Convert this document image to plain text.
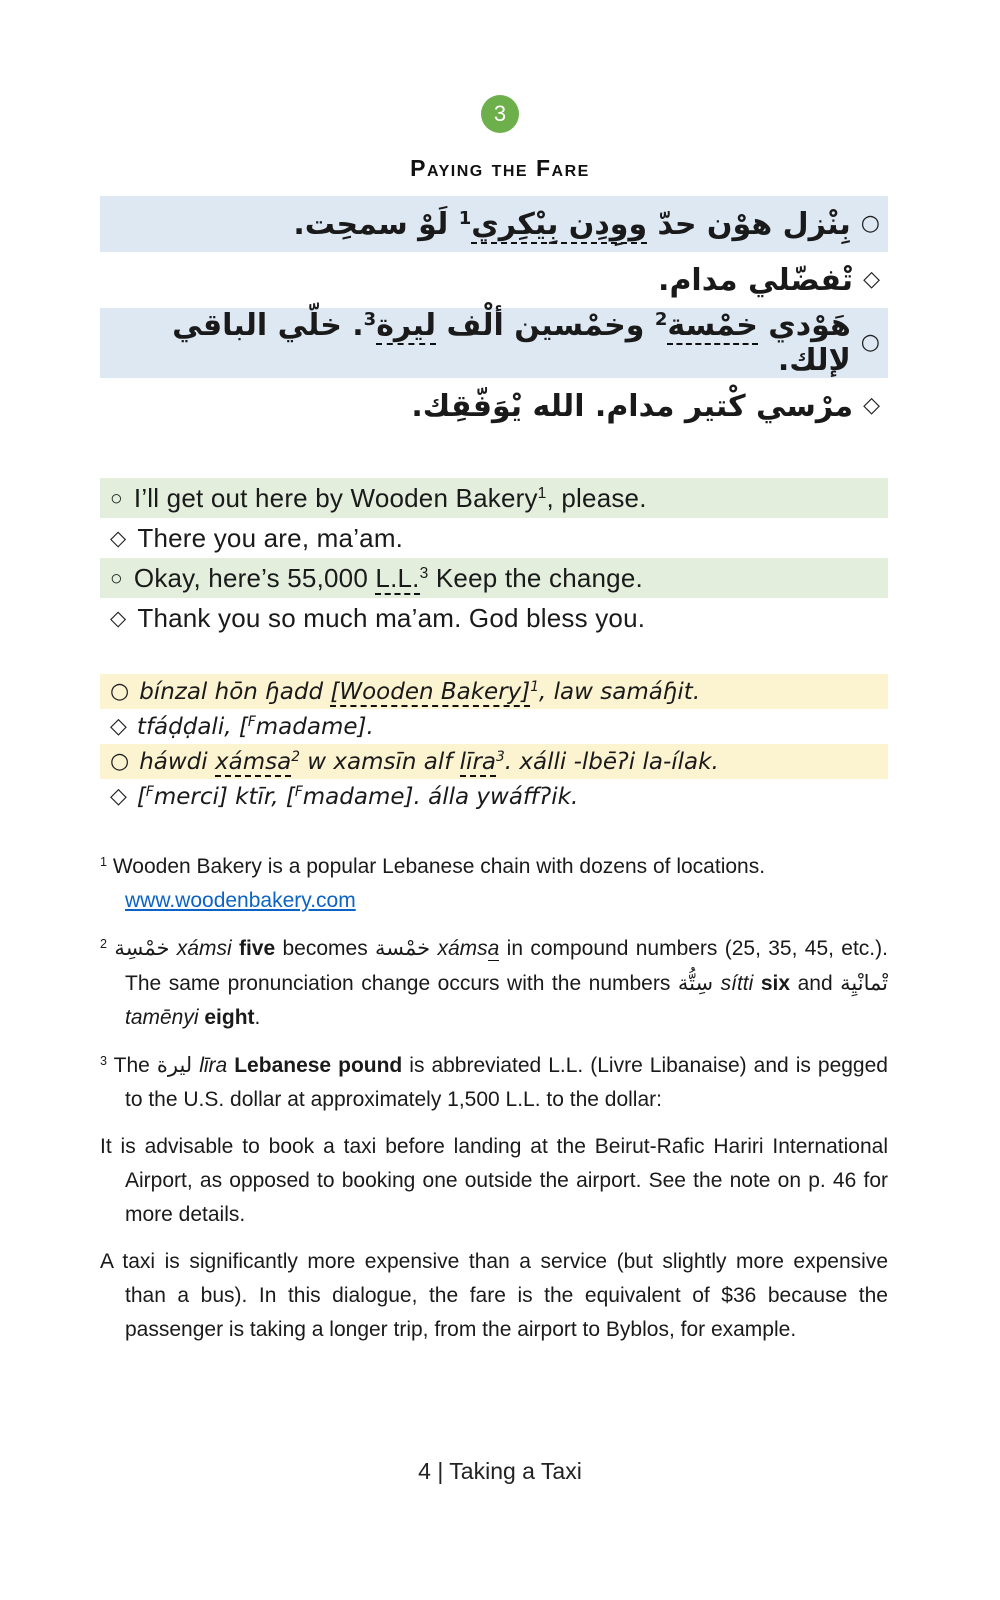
3
Paying the Fare
○
بِنْزل هوْن حدّ ووِدِن بِيْكِري$^1$ لَوْ سمحِت.
◇
تْفضّلي مدام.
○
هَوْدي خمْسة$^2$ وخمْسين ألْف ليرة$^3$. خلّي الباقي لإلك.
◇
مرْسي كْتير مدام. الله يْوَفّقِك.
○ I’ll get out here by Wooden Bakery$^1$, please.
◇ There you are, ma’am.
○ Okay, here’s 55,000 L.L.$^3$ Keep the change.
◇ Thank you so much ma’am. God bless you.
○ bínzal hōn ɧadd [Wooden Bakery]$^1$, law samáɧit.
◇ tfáḍḍali, [$^F$madame].
○ háwdi xámsa$^2$ w xamsīn alf līra$^3$. xálli -lbēʔi la-ílak.
◇ [$^F$merci] ktīr, [$^F$madame]. álla ywáffʔik.

$^1$ Wooden Bakery is a popular Lebanese chain with dozens of locations.
www.woodenbakery.com

$^2$ خمْسِة xámsi five becomes خمْسة xámsa in compound numbers (25, 35, 45, etc.). The same pronunciation change occurs with the numbers سِتُّة sítti six and تْمانْيِة tamēnyi eight.

$^3$ The ليرة līra Lebanese pound is abbreviated L.L. (Livre Libanaise) and is pegged to the U.S. dollar at approximately 1,500 L.L. to the dollar:

It is advisable to book a taxi before landing at the Beirut-Rafic Hariri International Airport, as opposed to booking one outside the airport. See the note on p. 46 for more details.

A taxi is significantly more expensive than a service (but slightly more expensive than a bus). In this dialogue, the fare is the equivalent of $36 because the passenger is taking a longer trip, from the airport to Byblos, for example.

4 | Taking a Taxi
